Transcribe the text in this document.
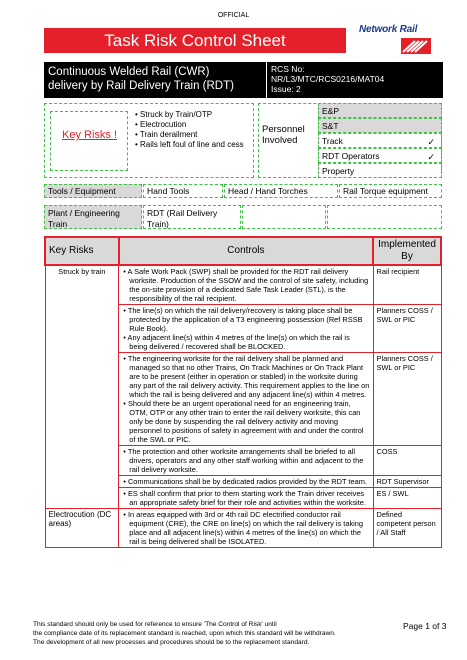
OFFICIAL
Task Risk Control Sheet
Network Rail
Continuous Welded Rail (CWR)
delivery by Rail Delivery Train (RDT)
RCS No:
NR/L3/MTC/RCS0216/MAT04
Issue: 2
Key Risks !
• Struck by Train/OTP
• Electrocution
• Train derailment
• Rails left foul of line and cess
Personnel Involved
E&P
S&T
Track	✓
RDT Operators	✓
Property
Tools / Equipment	Hand Tools	Head / Hand Torches	Rail Torque equipment
Plant / Engineering Train
RDT (Rail Delivery Train)
Key Risks	Controls	Implemented By
Struck by train	• A Safe Work Pack (SWP) shall be provided for the RDT rail delivery worksite. Production of the SSOW and the control of site safety, including the on-site provision of a dedicated Safe Task Leader (STL), is the responsibility of the rail recipient.	Rail recipient

	• The line(s) on which the rail delivery/recovery is taking place shall be protected by the application of a T3 engineering possession (Ref RSSB Rule Book).
• Any adjacent line(s) within 4 metres of the line(s) on which the rail is being delivered / recovered shall be BLOCKED.	Planners COSS / SWL or PIC

	• The engineering worksite for the rail delivery shall be planned and managed so that no other Trains, On Track Machines or On Track Plant are to be present (either in operation or stabled) in the worksite during any part of the rail delivery activity. This requirement applies to the line on which the rail is being delivered and any adjacent line(s) within 4 metres.
• Should there be an urgent operational need for an engineering train, OTM, OTP or any other train to enter the rail delivery worksite, this can only be done by suspending the rail delivery activity and moving personnel to positions of safety in agreement with and under the control of the SWL or PIC.	Planners COSS / SWL or PIC

	• The protection and other worksite arrangements shall be briefed to all drivers, operators and any other staff working within and adjacent to the rail delivery worksite.	COSS

	• Communications shall be by dedicated radios provided by the RDT team.	RDT Supervisor

	• ES shall confirm that prior to them starting work the Train driver receives an appropriate safety brief for their role and activities within the worksite.	ES / SWL
Electrocution (DC areas)	• In areas equipped with 3rd or 4th rail DC electrified conductor rail equipment (CRE), the CRE on line(s) on which the rail delivery is taking place and all adjacent line(s) within 4 metres of the line(s) on which the rail is being delivered shall be ISOLATED.	Defined competent person / All Staff
This standard should only be used for reference to ensure 'The Control of Risk' until
the compliance date of its replacement standard is reached, upon which this standard will be withdrawn.
The development of all new processes and procedures should be to the replacement standard.
Page 1 of 3
